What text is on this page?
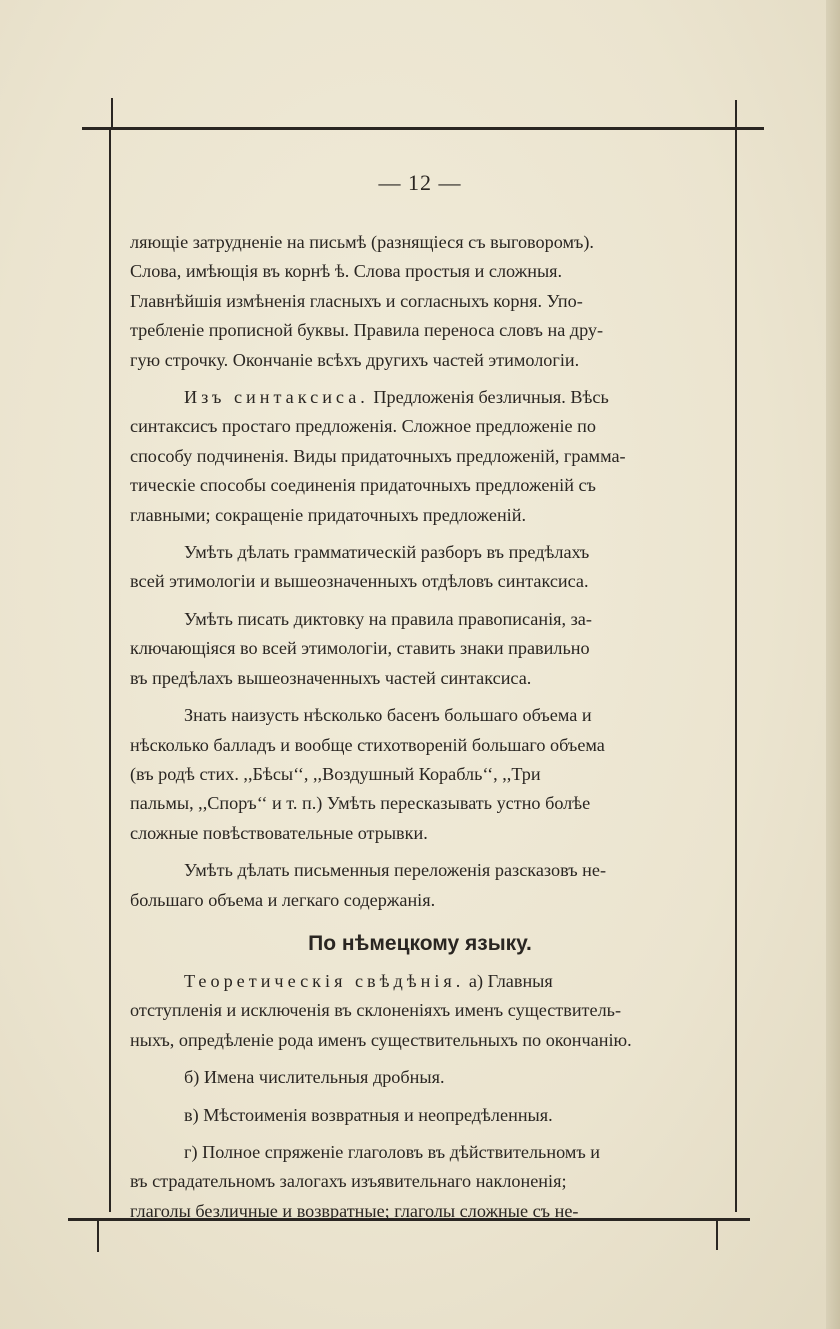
— 12 —

ляющіе затрудненіе на письмѣ (разнящіеся съ выговоромъ).
Слова, имѣющія въ корнѣ ѣ. Слова простыя и сложныя.
Главнѣйшія измѣненія гласныхъ и согласныхъ корня. Упо-
требленіе прописной буквы. Правила переноса словъ на дру-
гую строчку. Окончаніе всѣхъ другихъ частей этимологіи.

Изъ синтаксиса. Предложенія безличныя. Вѣсь
синтаксисъ простаго предложенія. Сложное предложеніе по
способу подчиненія. Виды придаточныхъ предложеній, грамма-
тическіе способы соединенія придаточныхъ предложеній съ
главными; сокращеніе придаточныхъ предложеній.

Умѣть дѣлать грамматическій разборъ въ предѣлахъ
всей этимологіи и вышеозначенныхъ отдѣловъ синтаксиса.

Умѣть писать диктовку на правила правописанія, за-
ключающіяся во всей этимологіи, ставить знаки правильно
въ предѣлахъ вышеозначенныхъ частей синтаксиса.

Знать наизусть нѣсколько басенъ большаго объема и
нѣсколько балладъ и вообще стихотвореній большаго объема
(въ родѣ стих. ,,Бѣсы‘‘, ,,Воздушный Корабль‘‘, ,,Три
пальмы, ,,Споръ‘‘ и т. п.) Умѣть пересказывать устно болѣе
сложные повѣствовательные отрывки.

Умѣть дѣлать письменныя переложенія разсказовъ не-
большаго объема и легкаго содержанія.

По нѣмецкому языку.

Теоретическія свѣдѣнія. а) Главныя
отступленія и исключенія въ склоненіяхъ именъ существитель-
ныхъ, опредѣленіе рода именъ существительныхъ по окончанію.

б) Имена числительныя дробныя.

в) Мѣстоименія возвратныя и неопредѣленныя.

г) Полное спряженіе глаголовъ въ дѣйствительномъ и
въ страдательномъ залогахъ изъявительнаго наклоненія;
глаголы безличные и возвратные; глаголы сложные съ не-
